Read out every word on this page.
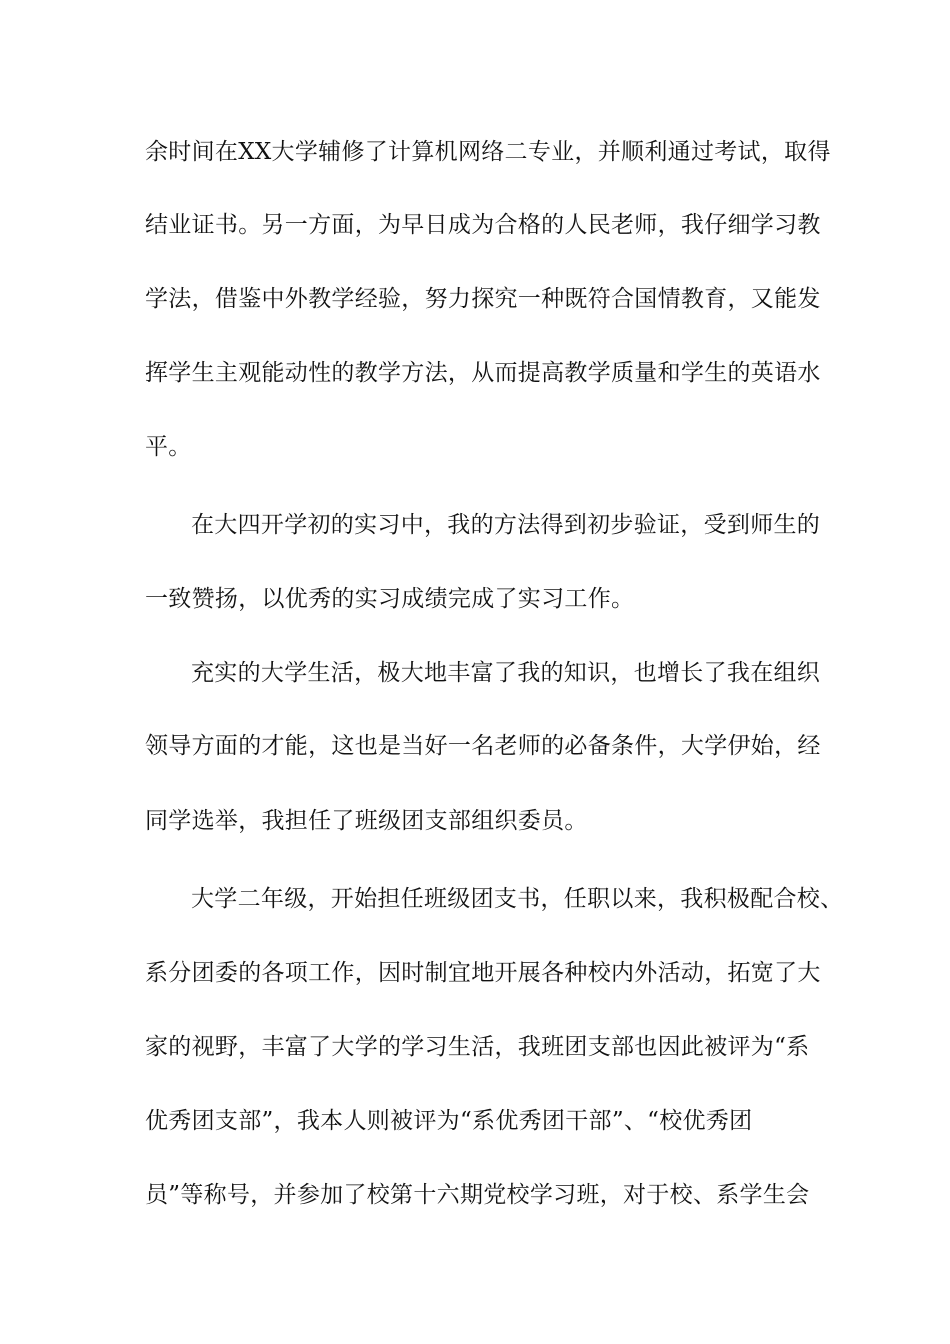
余时间在XX大学辅修了计算机网络二专业，并顺利通过考试，取得
结业证书。另一方面，为早日成为合格的人民老师，我仔细学习教
学法，借鉴中外教学经验，努力探究一种既符合国情教育，又能发
挥学生主观能动性的教学方法，从而提高教学质量和学生的英语水
平。
在大四开学初的实习中，我的方法得到初步验证，受到师生的
一致赞扬，以优秀的实习成绩完成了实习工作。
充实的大学生活，极大地丰富了我的知识，也增长了我在组织
领导方面的才能，这也是当好一名老师的必备条件，大学伊始，经
同学选举，我担任了班级团支部组织委员。
大学二年级，开始担任班级团支书，任职以来，我积极配合校、
系分团委的各项工作，因时制宜地开展各种校内外活动，拓宽了大
家的视野，丰富了大学的学习生活，我班团支部也因此被评为“系
优秀团支部”，我本人则被评为“系优秀团干部”、“校优秀团
员”等称号，并参加了校第十六期党校学习班，对于校、系学生会
